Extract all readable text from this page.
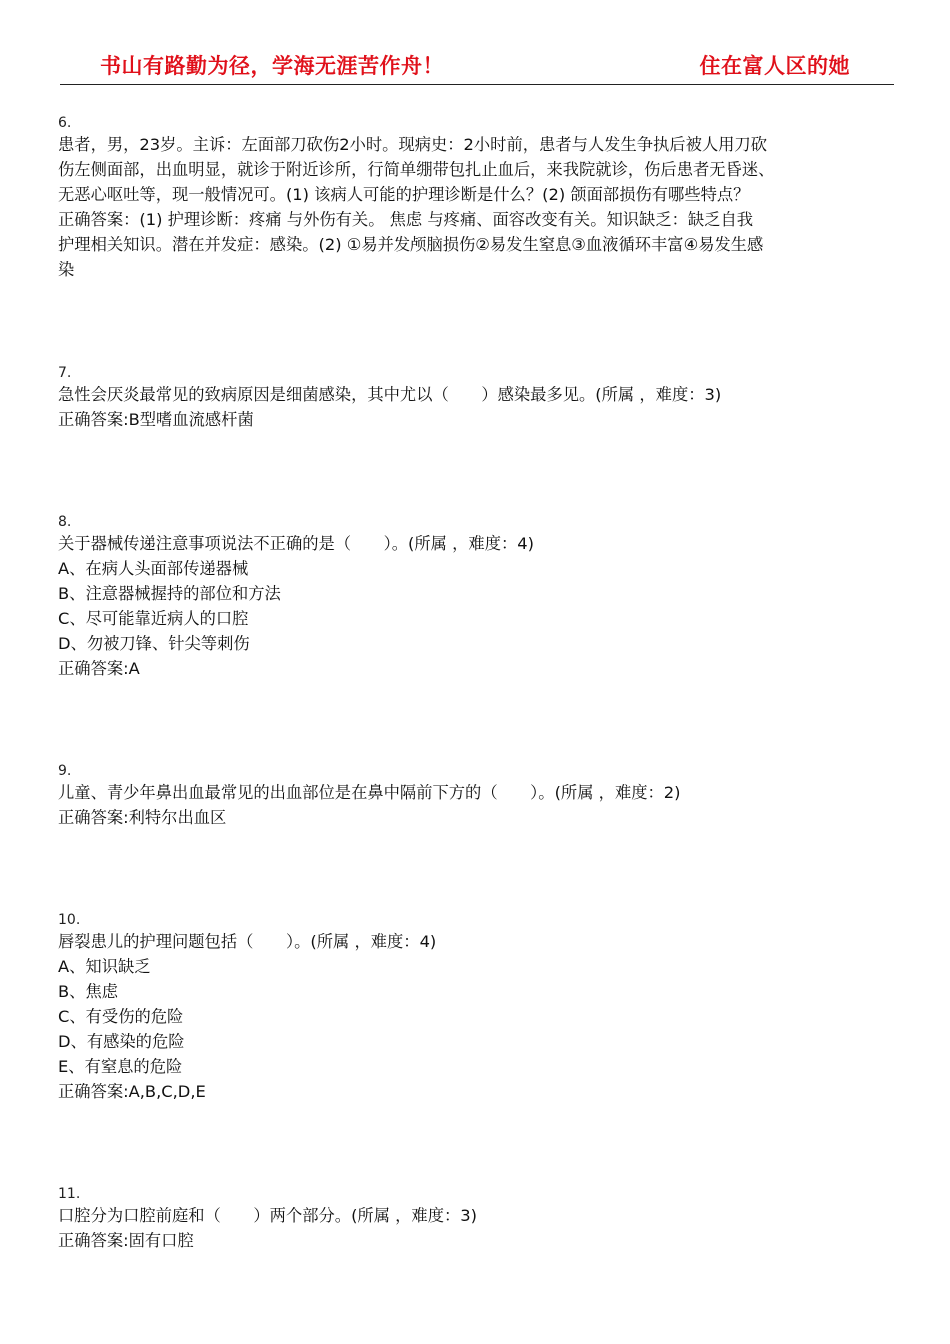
书山有路勤为径，学海无涯苦作舟！	住在富人区的她
6.
患者，男，23岁。主诉：左面部刀砍伤2小时。现病史：2小时前，患者与人发生争执后被人用刀砍
伤左侧面部，出血明显，就诊于附近诊所，行简单绷带包扎止血后，来我院就诊，伤后患者无昏迷、
无恶心呕吐等，现一般情况可。(1) 该病人可能的护理诊断是什么？(2) 颌面部损伤有哪些特点？
正确答案：(1) 护理诊断：疼痛 与外伤有关。 焦虑 与疼痛、面容改变有关。知识缺乏：缺乏自我
护理相关知识。潜在并发症：感染。(2) ①易并发颅脑损伤②易发生窒息③血液循环丰富④易发生感
染
7.
急性会厌炎最常见的致病原因是细菌感染，其中尤以（　　）感染最多见。(所属 ，难度：3)
正确答案:B型嗜血流感杆菌
8.
关于器械传递注意事项说法不正确的是（　　）。(所属 ，难度：4)
A、在病人头面部传递器械
B、注意器械握持的部位和方法
C、尽可能靠近病人的口腔
D、勿被刀锋、针尖等刺伤
正确答案:A
9.
儿童、青少年鼻出血最常见的出血部位是在鼻中隔前下方的（　　）。(所属 ，难度：2)
正确答案:利特尔出血区
10.
唇裂患儿的护理问题包括（　　）。(所属 ，难度：4)
A、知识缺乏
B、焦虑
C、有受伤的危险
D、有感染的危险
E、有窒息的危险
正确答案:A,B,C,D,E
11.
口腔分为口腔前庭和（　　）两个部分。(所属 ，难度：3)
正确答案:固有口腔
